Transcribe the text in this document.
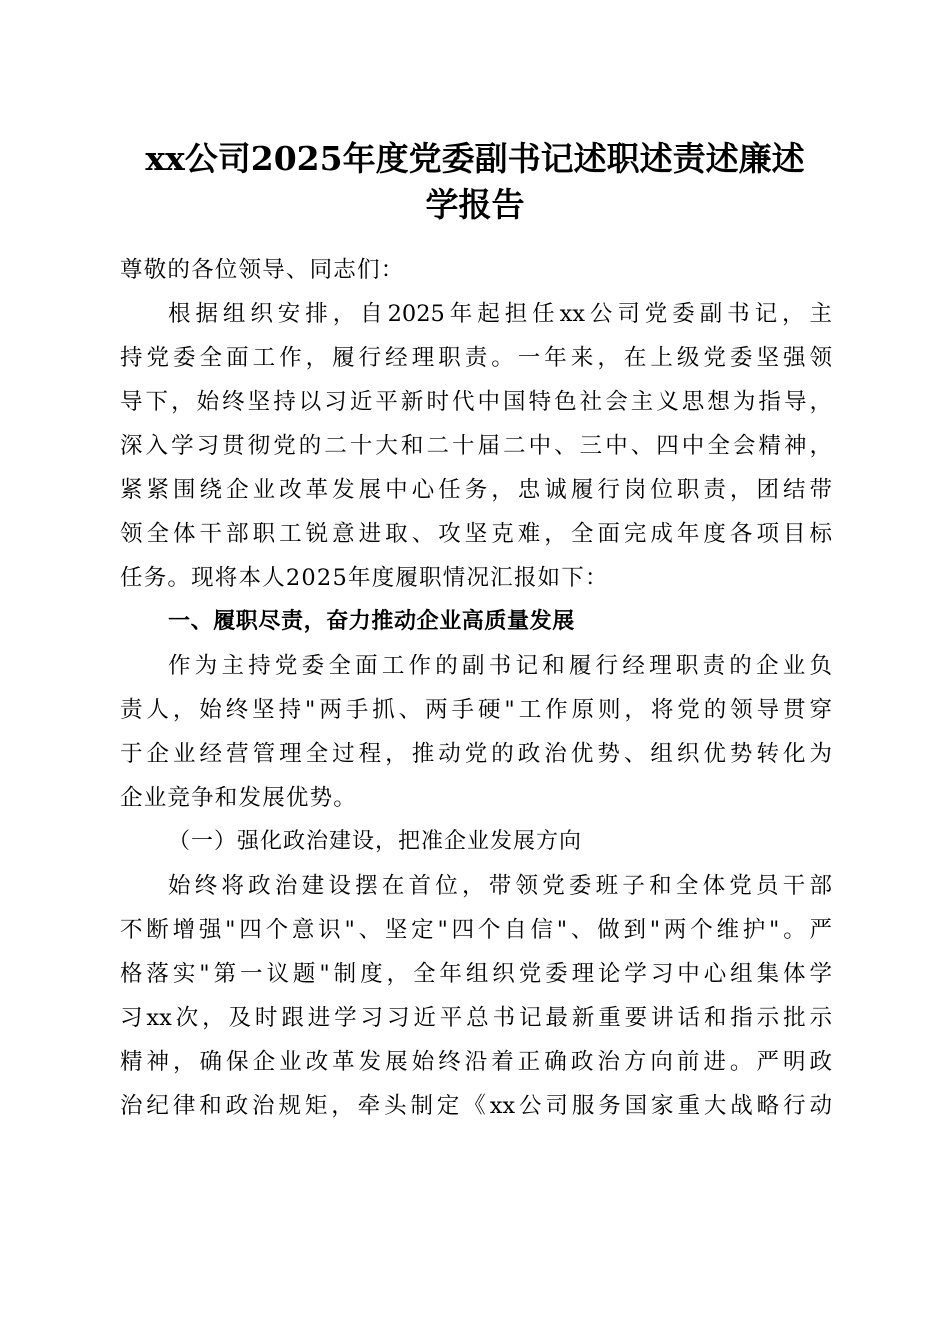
xx公司2025年度党委副书记述职述责述廉述
学报告
尊敬的各位领导、同志们：
根据组织安排，自2025年起担任xx公司党委副书记，主
持党委全面工作，履行经理职责。一年来，在上级党委坚强领
导下，始终坚持以习近平新时代中国特色社会主义思想为指导，
深入学习贯彻党的二十大和二十届二中、三中、四中全会精神，
紧紧围绕企业改革发展中心任务，忠诚履行岗位职责，团结带
领全体干部职工锐意进取、攻坚克难，全面完成年度各项目标
任务。现将本人2025年度履职情况汇报如下：
一、履职尽责，奋力推动企业高质量发展
作为主持党委全面工作的副书记和履行经理职责的企业负
责人，始终坚持"两手抓、两手硬"工作原则，将党的领导贯穿
于企业经营管理全过程，推动党的政治优势、组织优势转化为
企业竞争和发展优势。
（一）强化政治建设，把准企业发展方向
始终将政治建设摆在首位，带领党委班子和全体党员干部
不断增强"四个意识"、坚定"四个自信"、做到"两个维护"。严
格落实"第一议题"制度，全年组织党委理论学习中心组集体学
习xx次，及时跟进学习习近平总书记最新重要讲话和指示批示
精神，确保企业改革发展始终沿着正确政治方向前进。严明政
治纪律和政治规矩，牵头制定《xx公司服务国家重大战略行动
